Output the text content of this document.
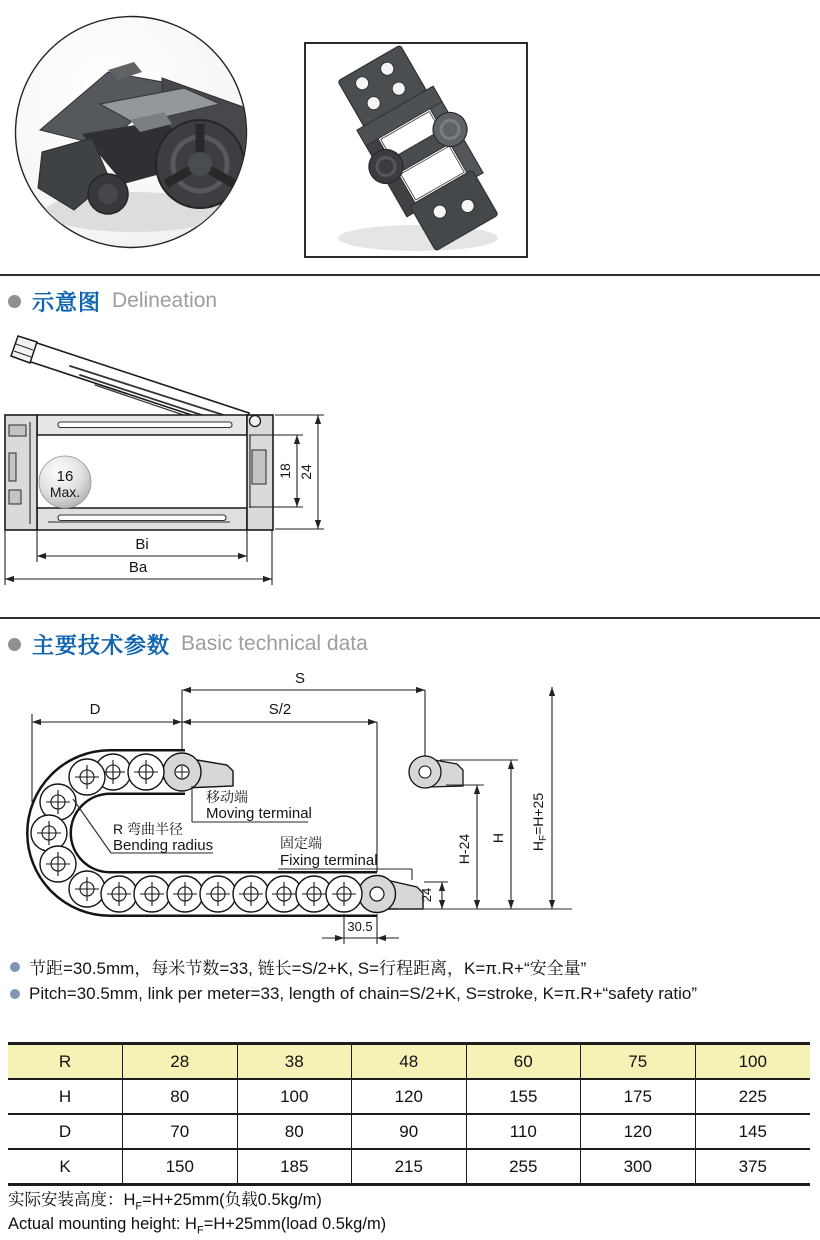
示意图 Delineation
16
Max.
18 24
Bi
Ba
主要技术参数 Basic technical data
S
D	S/2
移动端
Moving terminal
R 弯曲半径
Bending radius	固定端
Fixing terminal
24
30.5
H-24 H
$H_F=H+25$
节距=30.5mm，每米节数=33, 链长=S/2+K, S=行程距离，K=π.R+“安全量”
Pitch=30.5mm, link per meter=33, length of chain=S/2+K, S=stroke, K=π.R+“safety ratio”
R	28	38	48	60	75	100
H	80	100	120	155	175	225
D	70	80	90	110	120	145
K	150	185	215	255	300	375
实际安装高度：$H_F=H+25mm$(负载0.5kg/m)
Actual mounting height: $H_F=H+25mm(load$ 0.5kg/m)
